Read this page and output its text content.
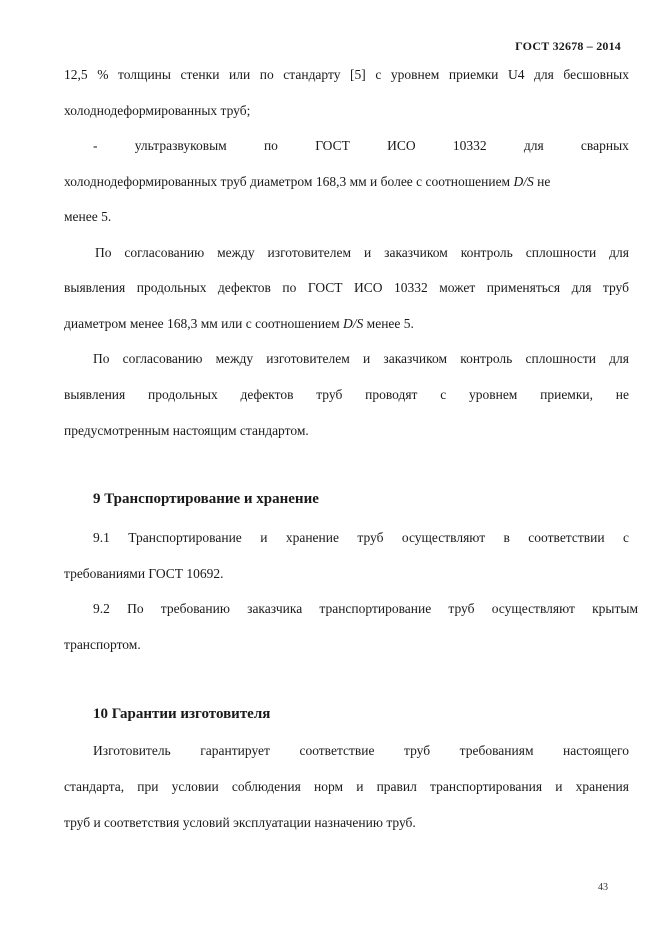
ГОСТ 32678 – 2014
12,5 % толщины стенки или по стандарту [5] с уровнем приемки U4 для бесшовных
холоднодеформированных труб;
-	ультразвуковым	по	ГОСТ	ИСО	10332	для	сварных
холоднодеформированных труб диаметром 168,3 мм и более с соотношением D/S не
менее 5.
По согласованию между изготовителем и заказчиком контроль сплошности для
выявления продольных дефектов по ГОСТ ИСО 10332 может применяться для труб
диаметром менее 168,3 мм или с соотношением D/S менее 5.
По согласованию между изготовителем и заказчиком контроль сплошности для
выявления продольных дефектов труб проводят с уровнем приемки, не
предусмотренным настоящим стандартом.
9 Транспортирование и хранение
9.1 Транспортирование и хранение труб осуществляют в соответствии с
требованиями ГОСТ 10692.
9.2 По требованию заказчика транспортирование труб осуществляют крытым
транспортом.
10 Гарантии изготовителя
Изготовитель гарантирует соответствие труб требованиям настоящего
стандарта, при условии соблюдения норм и правил транспортирования и хранения
труб и соответствия условий эксплуатации назначению труб.
43
